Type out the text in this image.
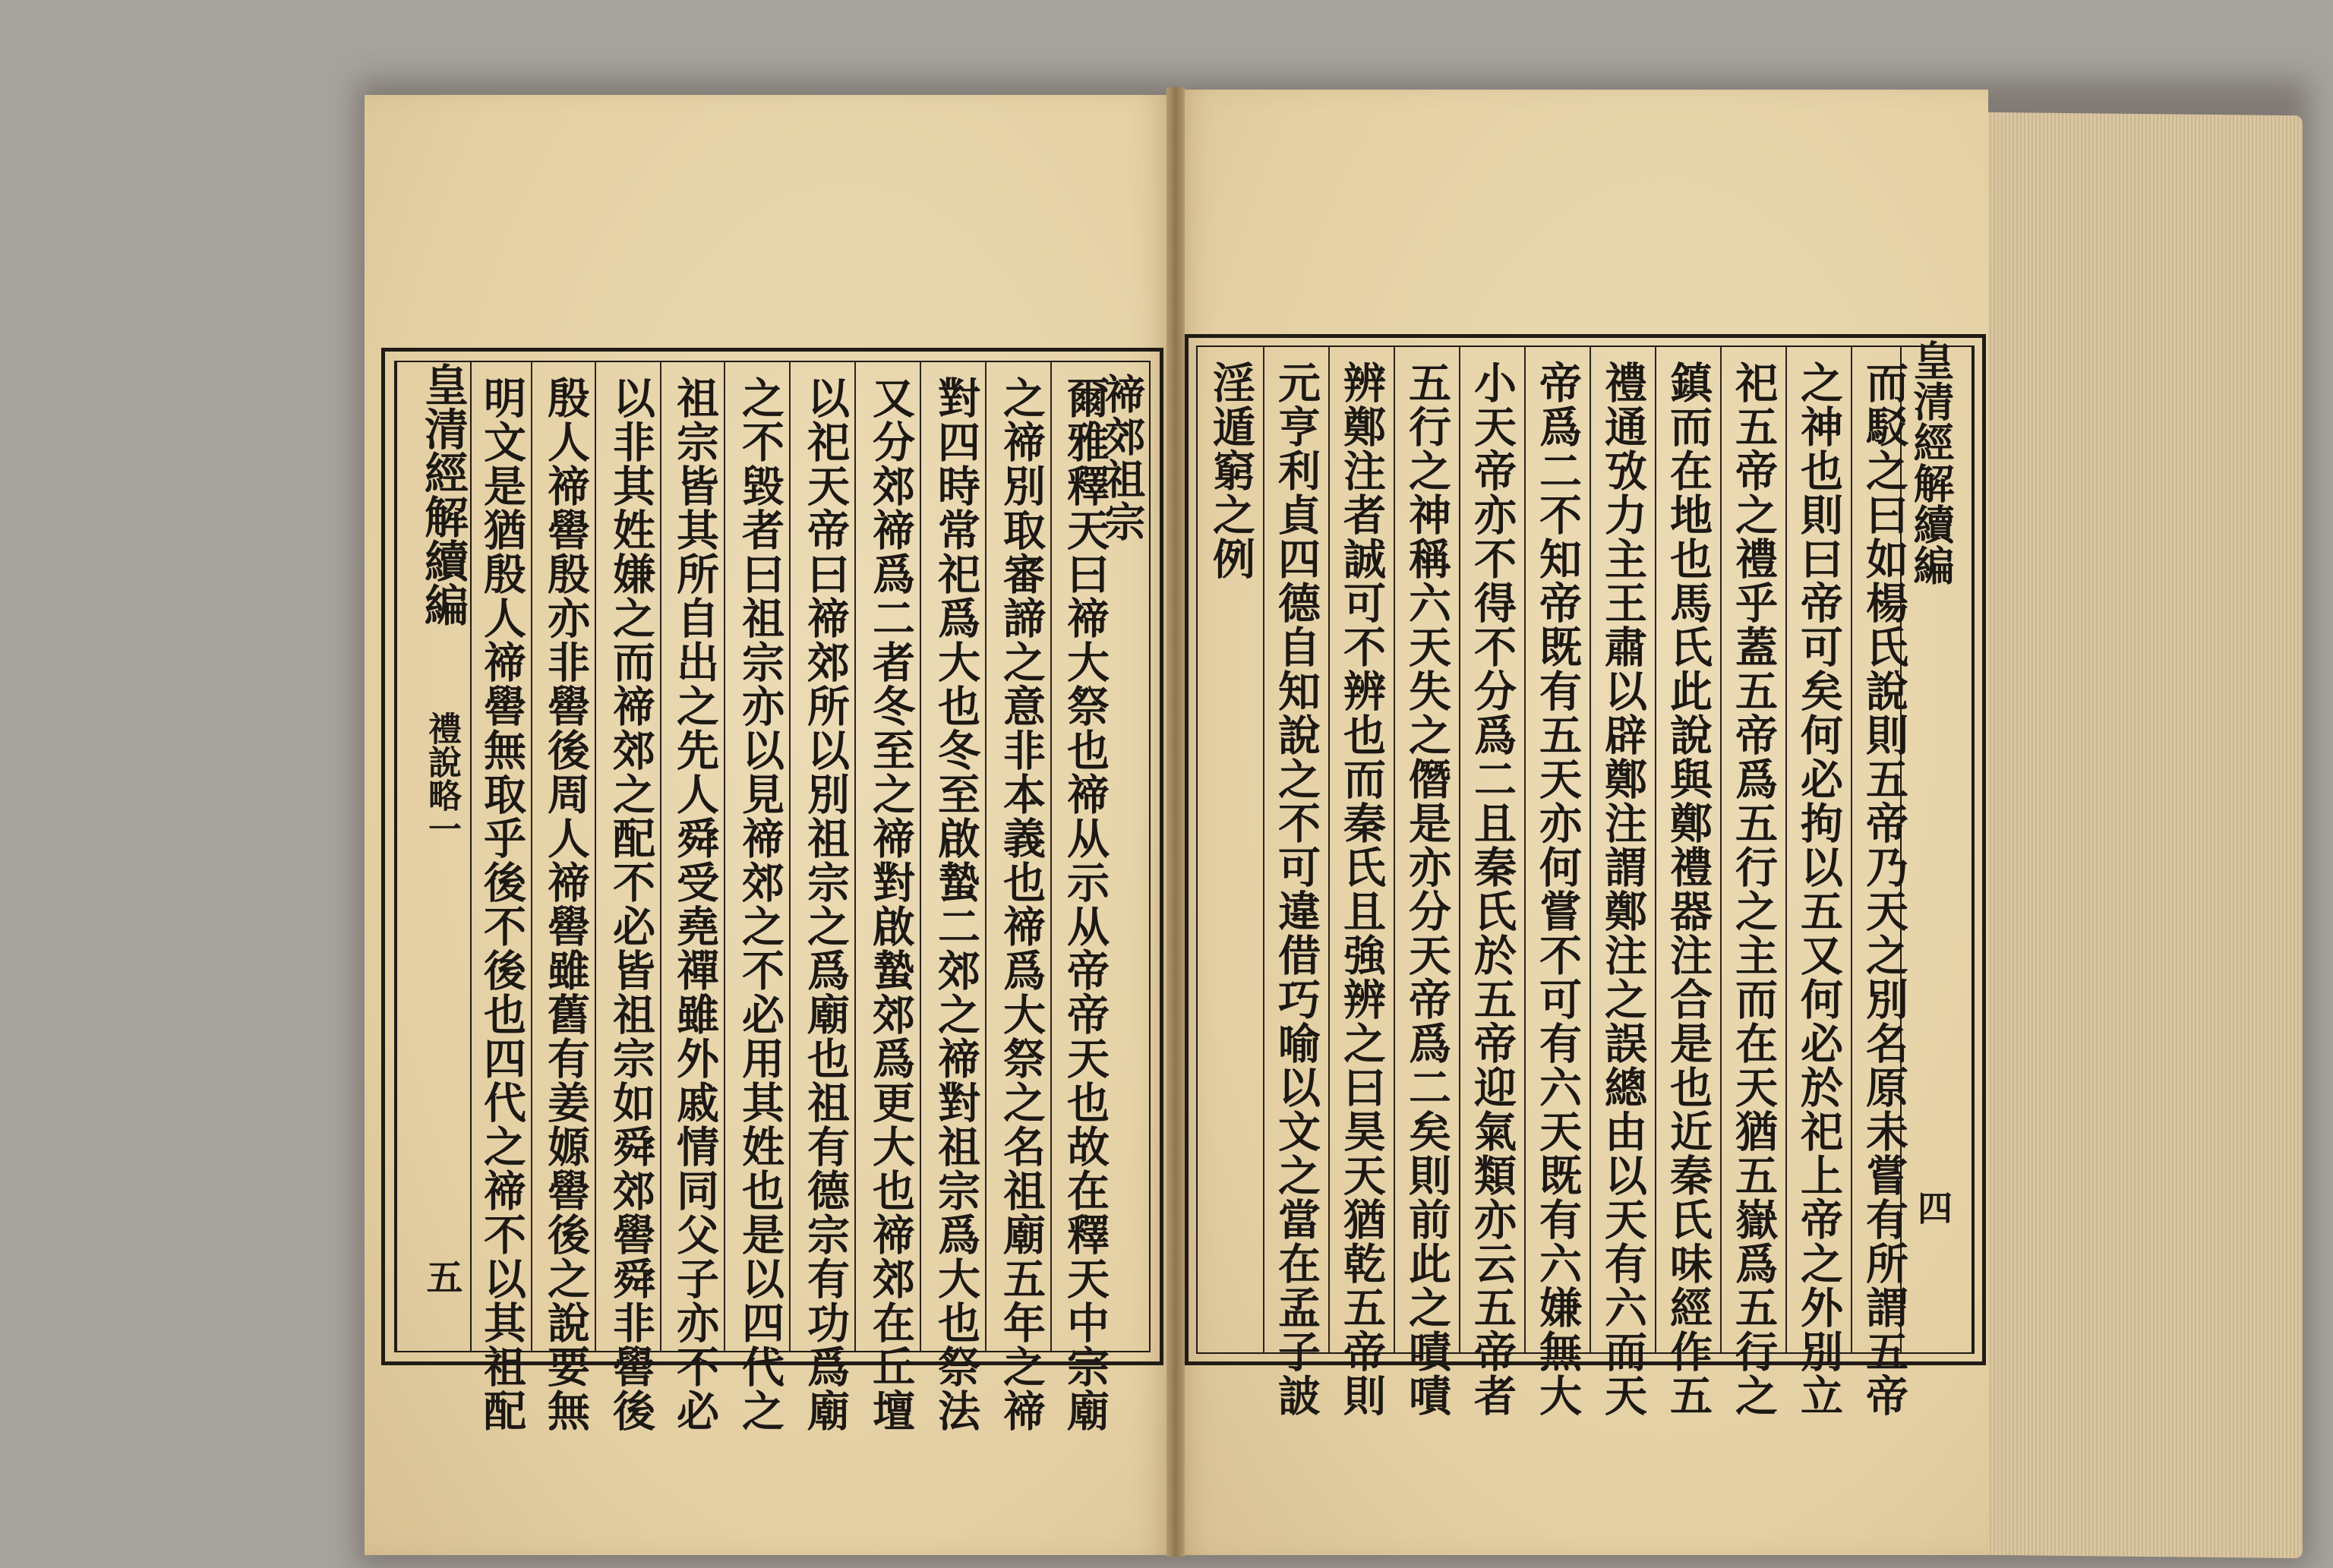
皇清經解續編
禮說略一
五 明文是猶殷人禘嚳無取乎後不後也四代之禘不以其祖配 殷人禘嚳殷亦非嚳後周人禘嚳雖舊有姜嫄嚳後之說要無 以非其姓嫌之而禘郊之配不必皆祖宗如舜郊嚳舜非嚳後 祖宗皆其所自出之先人舜受堯禪雖外戚情同父子亦不必 之不毀者曰祖宗亦以見禘郊之不必用其姓也是以四代之 以祀天帝曰禘郊所以別祖宗之爲廟也祖有德宗有功爲廟 又分郊禘爲二者冬至之禘對啟蟄郊爲更大也禘郊在丘壇 對四時常祀爲大也冬至啟蟄二郊之禘對祖宗爲大也祭法 之禘別取審諦之意非本義也禘爲大祭之名祖廟五年之禘 爾雅釋天曰禘大祭也禘从示从帝帝天也故在釋天中宗廟
禘郊祖宗	皇清經解續編
四
淫遁窮之例 元亨利貞四德自知說之不可違借巧喻以文之當在孟子詖 辨鄭注者誠可不辨也而秦氏且強辨之曰昊天猶乾五帝則 五行之神稱六天失之僭是亦分天帝爲二矣則前此之嘖嘖 小天帝亦不得不分爲二且秦氏於五帝迎氣類亦云五帝者 帝爲二不知帝既有五天亦何嘗不可有六天既有六嫌無大 禮通攷力主王肅以辟鄭注謂鄭注之誤總由以天有六而天 鎮而在地也馬氏此說與鄭禮器注合是也近秦氏味經作五 祀五帝之禮乎蓋五帝爲五行之主而在天猶五嶽爲五行之 之神也則曰帝可矣何必拘以五又何必於祀上帝之外別立 而駁之曰如楊氏說則五帝乃天之別名原未嘗有所謂五帝
